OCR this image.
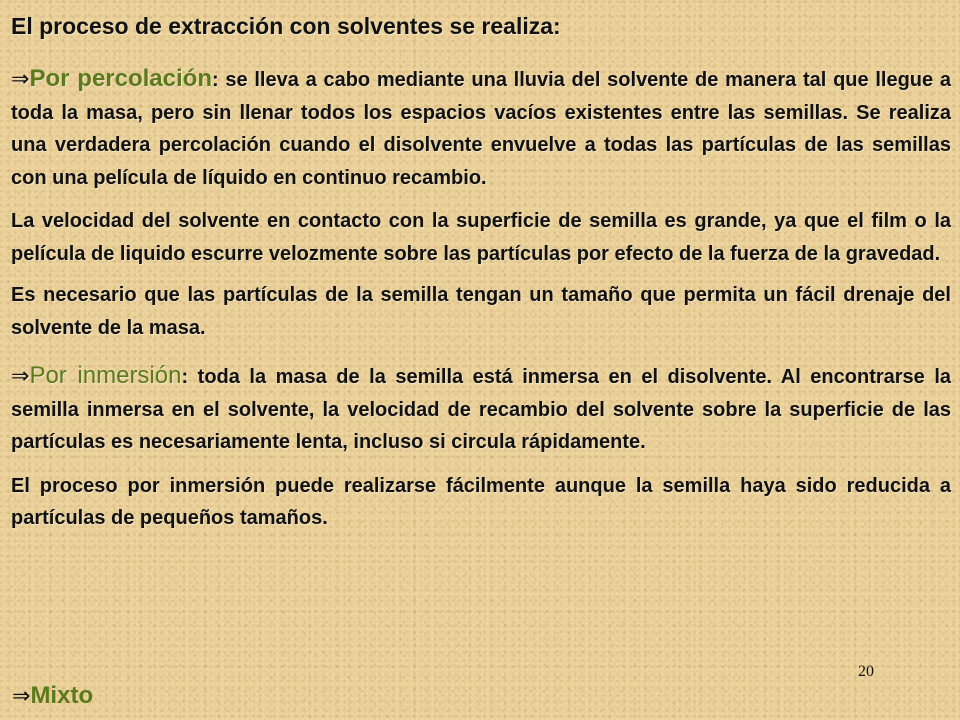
El proceso de extracción con solventes se realiza:

⇒Por percolación: se lleva a cabo mediante una lluvia del solvente de manera tal que llegue a toda la masa, pero sin llenar todos los espacios vacíos existentes entre las semillas. Se realiza una verdadera percolación cuando el disolvente envuelve a todas las partículas de las semillas con una película de líquido en continuo recambio.

La velocidad del solvente en contacto con la superficie de semilla es grande, ya que el film o la película de liquido escurre velozmente sobre las partículas por efecto de la fuerza de la gravedad.

Es necesario que las partículas de la semilla tengan un tamaño que permita un fácil drenaje del solvente de la masa.

⇒Por inmersión: toda la masa de la semilla está inmersa en el disolvente. Al encontrarse la semilla inmersa en el solvente, la velocidad de recambio del solvente sobre la superficie de las partículas es necesariamente lenta, incluso si circula rápidamente.

El proceso por inmersión puede realizarse fácilmente aunque la semilla haya sido reducida a partículas de pequeños tamaños.

20
⇒Mixto
